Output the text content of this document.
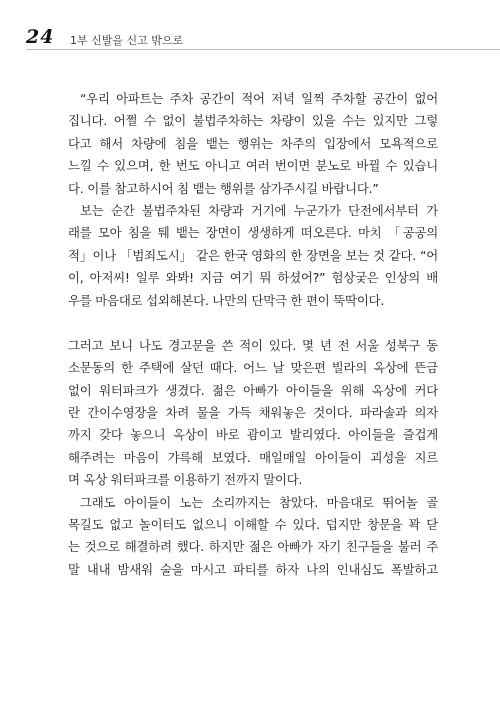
24 1부 신발을 신고 밖으로
“우리 아파트는 주차 공간이 적어 저녁 일찍 주차할 공간이 없어
집니다. 어쩔 수 없이 불법주차하는 차량이 있을 수는 있지만 그렇
다고 해서 차량에 침을 뱉는 행위는 차주의 입장에서 모욕적으로
느낄 수 있으며, 한 번도 아니고 여러 번이면 분노로 바뀔 수 있습니
다. 이를 참고하시어 침 뱉는 행위를 삼가주시길 바랍니다.”
보는 순간 불법주차된 차량과 거기에 누군가가 단전에서부터 가
래를 모아 침을 퉤 뱉는 장면이 생생하게 떠오른다. 마치 「공공의
적」이나 「범죄도시」 같은 한국 영화의 한 장면을 보는 것 같다. “어
이, 아저씨! 일루 와봐! 지금 여기 뭐 하셨어?” 험상궂은 인상의 배
우를 마음대로 섭외해본다. 나만의 단막극 한 편이 뚝딱이다.
그러고 보니 나도 경고문을 쓴 적이 있다. 몇 년 전 서울 성북구 동
소문동의 한 주택에 살던 때다. 어느 날 맞은편 빌라의 옥상에 뜬금
없이 워터파크가 생겼다. 젊은 아빠가 아이들을 위해 옥상에 커다
란 간이수영장을 차려 물을 가득 채워놓은 것이다. 파라솔과 의자
까지 갖다 놓으니 옥상이 바로 괌이고 발리였다. 아이들을 즐겁게
해주려는 마음이 갸륵해 보였다. 매일매일 아이들이 괴성을 지르
며 옥상 워터파크를 이용하기 전까지 말이다.
그래도 아이들이 노는 소리까지는 참았다. 마음대로 뛰어놀 골
목길도 없고 놀이터도 없으니 이해할 수 있다. 덥지만 창문을 꽉 닫
는 것으로 해결하려 했다. 하지만 젊은 아빠가 자기 친구들을 불러 주
말 내내 밤새워 술을 마시고 파티를 하자 나의 인내심도 폭발하고
